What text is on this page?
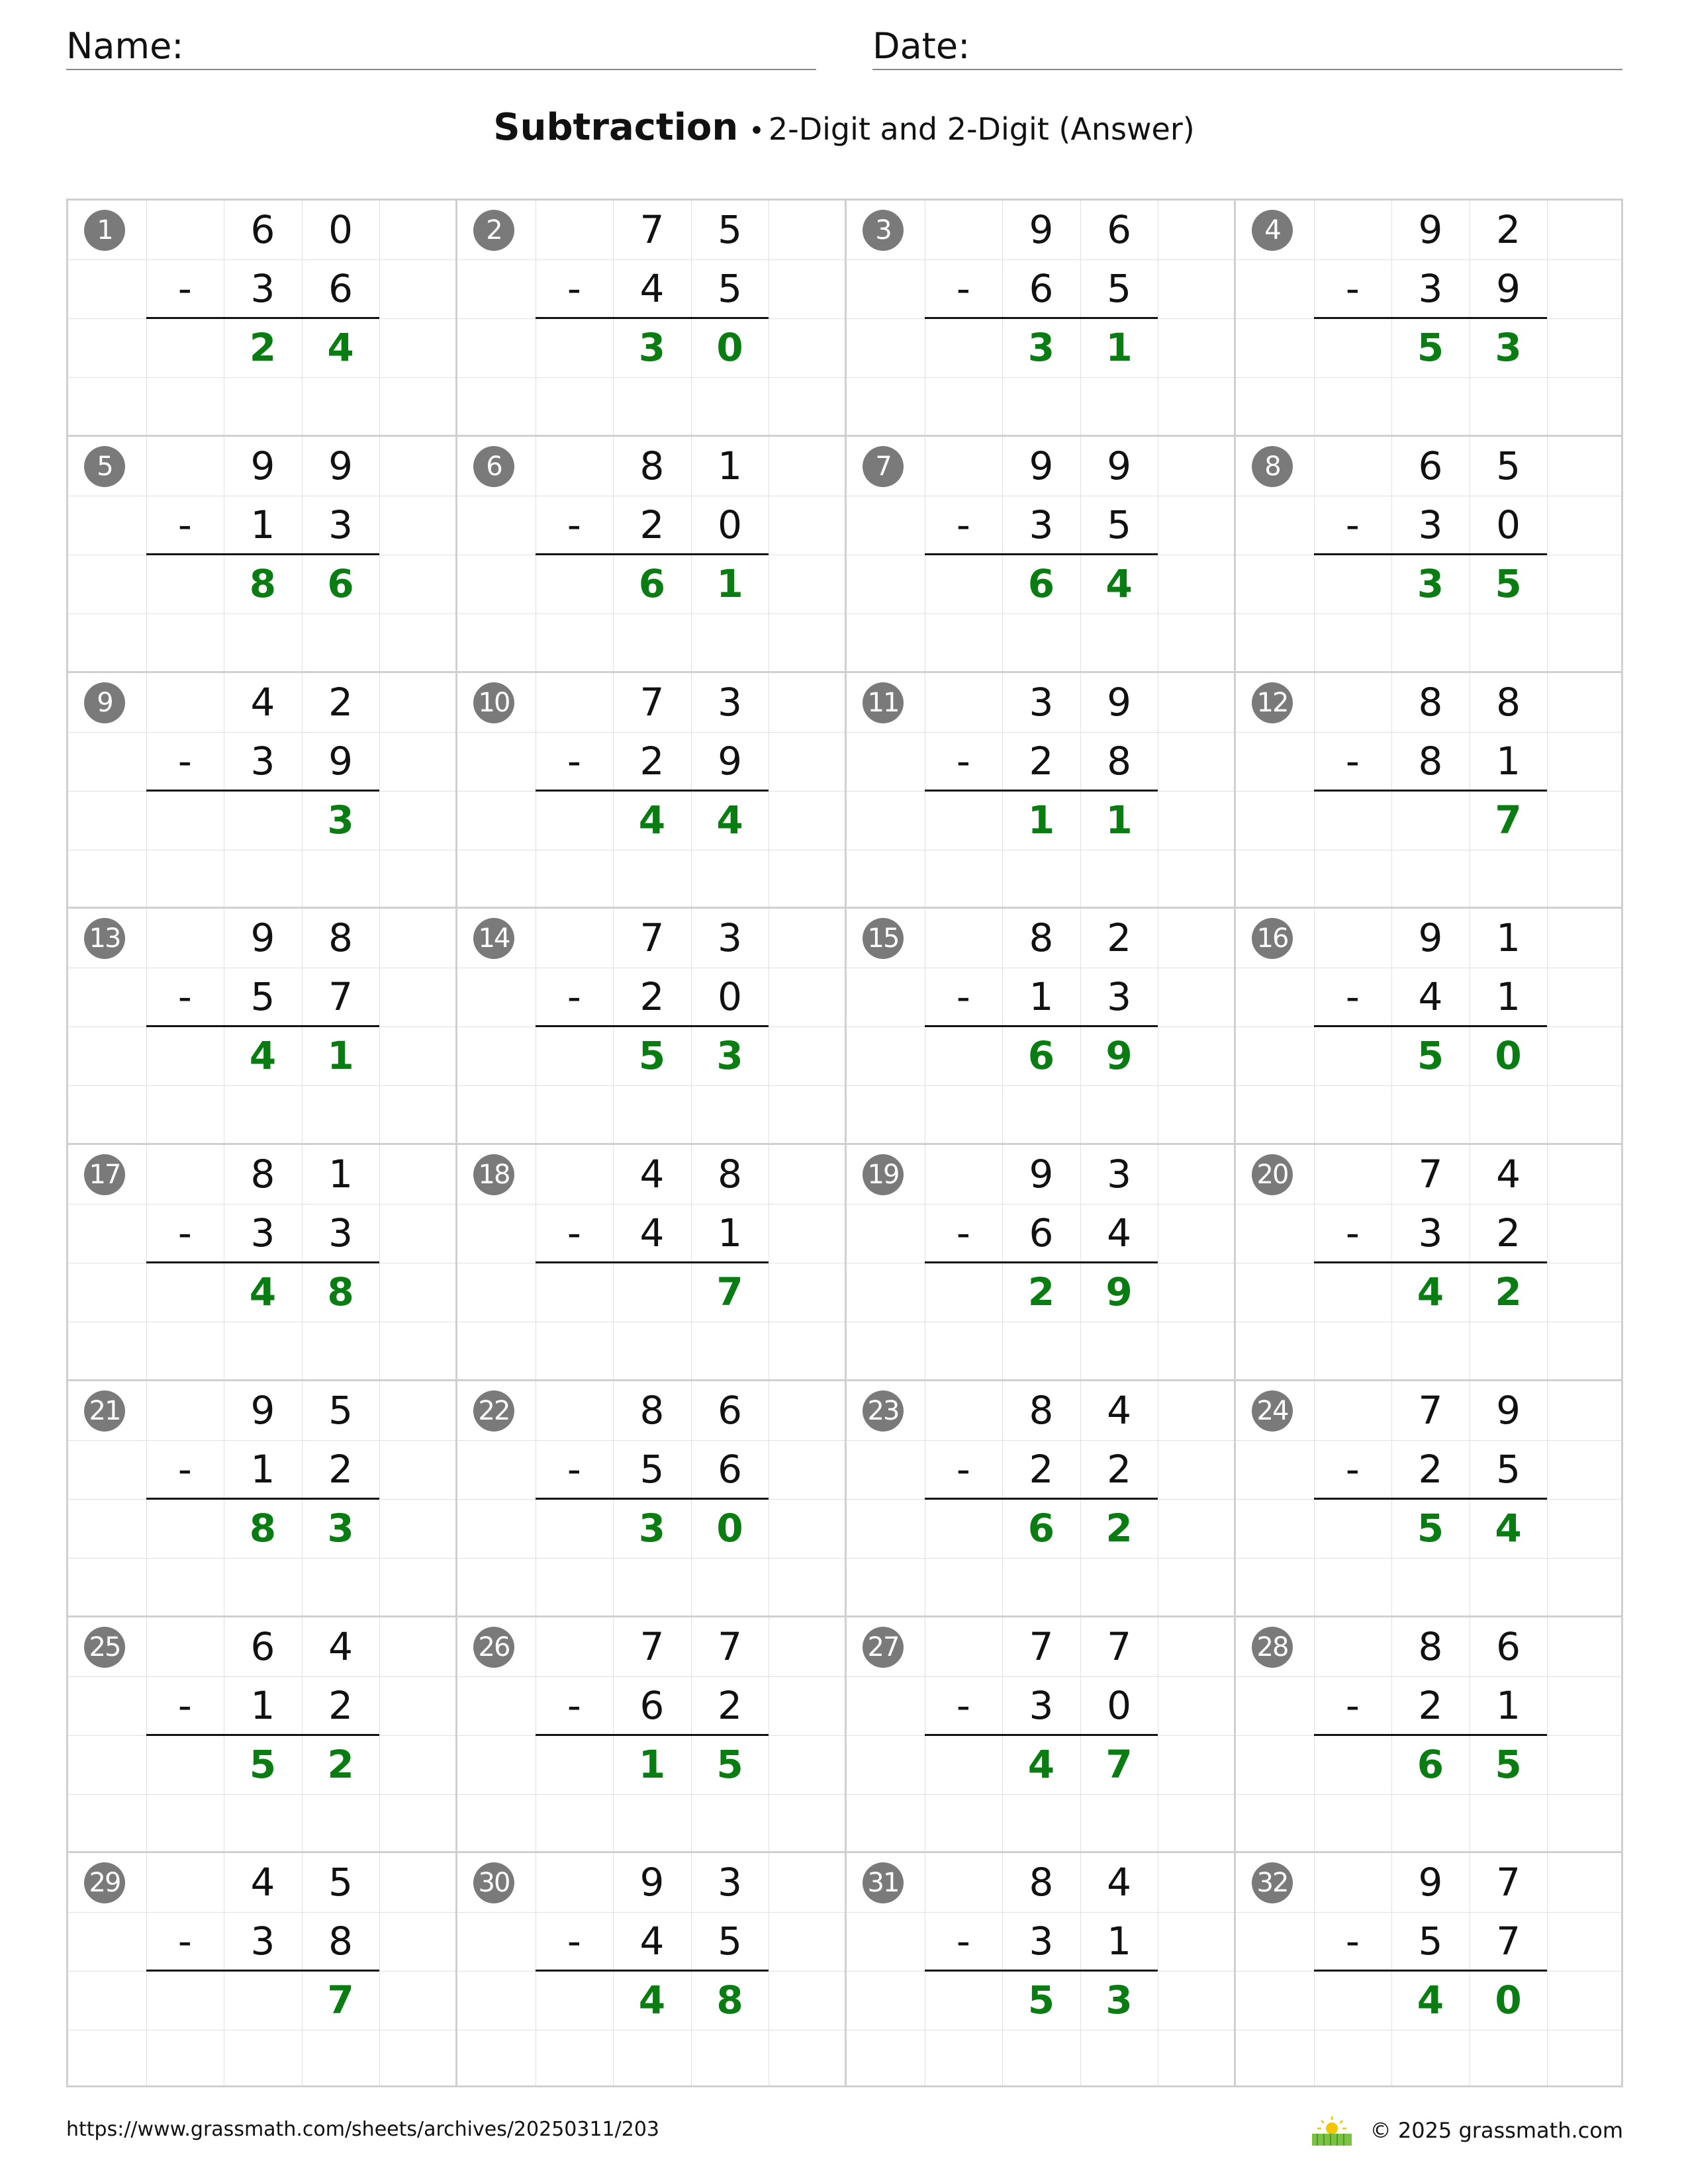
Name:	Date:
Subtraction • 2-Digit and 2-Digit (Answer)
1	6	0
-	3	6
2	4
2	7	5
-	4	5
3	0
3	9	6
-	6	5
3	1
4	9	2
-	3	9
5	3
5	9	9
-	1	3
8	6
6	8	1
-	2	0
6	1
7	9	9
-	3	5
6	4
8	6	5
-	3	0
3	5
9	4	2
-	3	9
3
10	7	3
-	2	9
4	4
11	3	9
-	2	8
1	1
12	8	8
-	8	1
7
13	9	8
-	5	7
4	1
14	7	3
-	2	0
5	3
15	8	2
-	1	3
6	9
16	9	1
-	4	1
5	0
17	8	1
-	3	3
4	8
18	4	8
-	4	1
7
19	9	3
-	6	4
2	9
20	7	4
-	3	2
4	2
21	9	5
-	1	2
8	3
22	8	6
-	5	6
3	0
23	8	4
-	2	2
6	2
24	7	9
-	2	5
5	4
25	6	4
-	1	2
5	2
26	7	7
-	6	2
1	5
27	7	7
-	3	0
4	7
28	8	6
-	2	1
6	5
29	4	5
-	3	8
7
30	9	3
-	4	5
4	8
31	8	4
-	3	1
5	3
32	9	7
-	5	7
4	0
https://www.grassmath.com/sheets/archives/20250311/203	© 2025 grassmath.com
